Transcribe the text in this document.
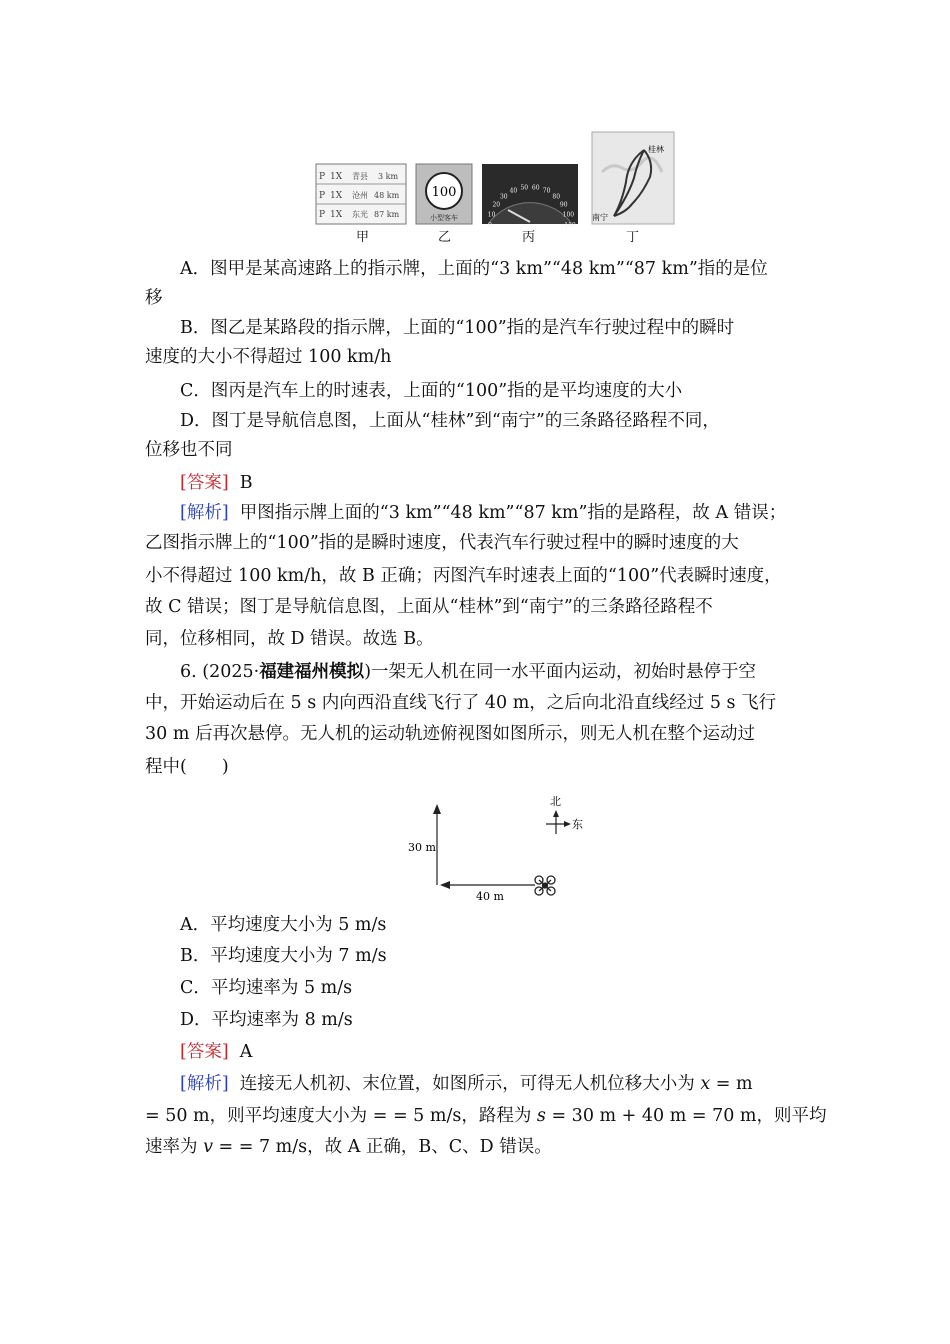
P 1X 青县 3 km
P 1X 沧州 48 km
P 1X 东光 87 km
100
小型客车
0
10
20
30
40 50 60 70
80
90
100
110
桂林
南宁
甲	乙	丙	丁
A．图甲是某高速路上的指示牌，上面的“3 km”“48 km”“87 km”指的是位
移
B．图乙是某路段的指示牌，上面的“100”指的是汽车行驶过程中的瞬时
速度的大小不得超过 100 km/h
C．图丙是汽车上的时速表，上面的“100”指的是平均速度的大小
D．图丁是导航信息图，上面从“桂林”到“南宁”的三条路径路程不同，
位移也不同
[答案] B
[解析] 甲图指示牌上面的“3 km”“48 km”“87 km”指的是路程，故 A 错误；
乙图指示牌上的“100”指的是瞬时速度，代表汽车行驶过程中的瞬时速度的大
小不得超过 100 km/h，故 B 正确；丙图汽车时速表上面的“100”代表瞬时速度，
故 C 错误；图丁是导航信息图，上面从“桂林”到“南宁”的三条路径路程不
同，位移相同，故 D 错误。故选 B。
6. (2025·福建福州模拟)一架无人机在同一水平面内运动，初始时悬停于空
中，开始运动后在 5 s 内向西沿直线飞行了 40 m，之后向北沿直线经过 5 s 飞行
30 m 后再次悬停。无人机的运动轨迹俯视图如图所示，则无人机在整个运动过
程中(　　)
30 m
40 m
北
东
A．平均速度大小为 5 m/s
B．平均速度大小为 7 m/s
C．平均速率为 5 m/s
D．平均速率为 8 m/s
[答案] A
[解析] 连接无人机初、末位置，如图所示，可得无人机位移大小为 x = m
= 50 m，则平均速度大小为 = = 5 m/s，路程为 s = 30 m + 40 m = 70 m，则平均
速率为 v = = 7 m/s，故 A 正确，B、C、D 错误。
